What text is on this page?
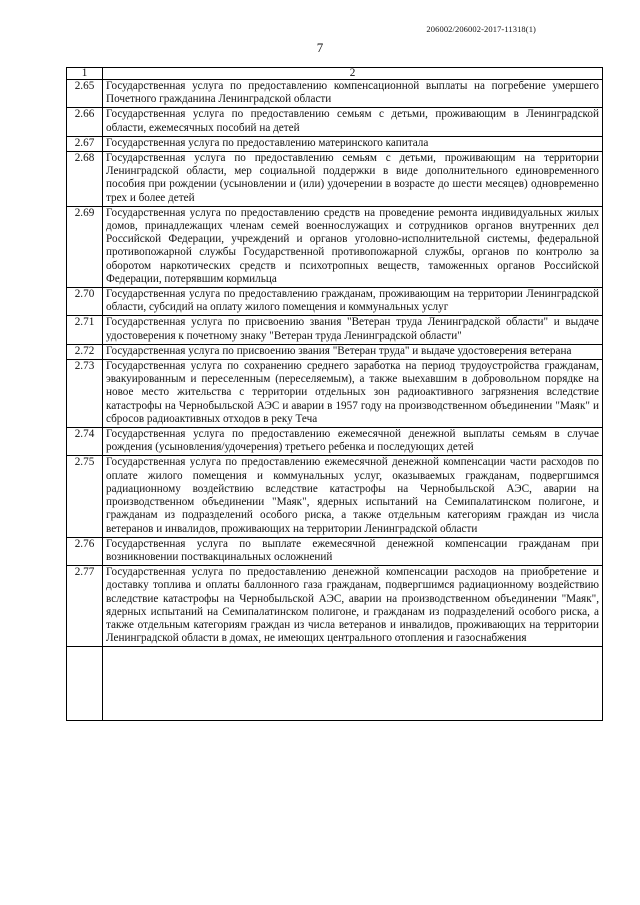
206002/206002-2017-11318(1)
7
1	2
2.65	Государственная услуга по предоставлению компенсационной выплаты на погребение умершего Почетного гражданина Ленинградской области
2.66	Государственная услуга по предоставлению семьям с детьми, проживающим в Ленинградской области, ежемесячных пособий на детей
2.67	Государственная услуга по предоставлению материнского капитала
2.68	Государственная услуга по предоставлению семьям с детьми, проживающим на территории Ленинградской области, мер социальной поддержки в виде дополнительного единовременного пособия при рождении (усыновлении и (или) удочерении в возрасте до шести месяцев) одновременно трех и более детей
2.69	Государственная услуга по предоставлению средств на проведение ремонта индивидуальных жилых домов, принадлежащих членам семей военнослужащих и сотрудников органов внутренних дел Российской Федерации, учреждений и органов уголовно-исполнительной системы, федеральной противопожарной службы Государственной противопожарной службы, органов по контролю за оборотом наркотических средств и психотропных веществ, таможенных органов Российской Федерации, потерявшим кормильца
2.70	Государственная услуга по предоставлению гражданам, проживающим на территории Ленинградской области, субсидий на оплату жилого помещения и коммунальных услуг
2.71	Государственная услуга по присвоению звания "Ветеран труда Ленинградской области" и выдаче удостоверения к почетному знаку "Ветеран труда Ленинградской области"
2.72	Государственная услуга по присвоению звания "Ветеран труда" и выдаче удостоверения ветерана
2.73	Государственная услуга по сохранению среднего заработка на период трудоустройства гражданам, эвакуированным и переселенным (переселяемым), а также выехавшим в добровольном порядке на новое место жительства с территории отдельных зон радиоактивного загрязнения вследствие катастрофы на Чернобыльской АЭС и аварии в 1957 году на производственном объединении "Маяк" и сбросов радиоактивных отходов в реку Теча
2.74	Государственная услуга по предоставлению ежемесячной денежной выплаты семьям в случае рождения (усыновления/удочерения) третьего ребенка и последующих детей
2.75	Государственная услуга по предоставлению ежемесячной денежной компенсации части расходов по оплате жилого помещения и коммунальных услуг, оказываемых гражданам, подвергшимся радиационному воздействию вследствие катастрофы на Чернобыльской АЭС, аварии на производственном объединении "Маяк", ядерных испытаний на Семипалатинском полигоне, и гражданам из подразделений особого риска, а также отдельным категориям граждан из числа ветеранов и инвалидов, проживающих на территории Ленинградской области
2.76	Государственная услуга по выплате ежемесячной денежной компенсации гражданам при возникновении поствакцинальных осложнений
2.77	Государственная услуга по предоставлению денежной компенсации расходов на приобретение и доставку топлива и оплаты баллонного газа гражданам, подвергшимся радиационному воздействию вследствие катастрофы на Чернобыльской АЭС, аварии на производственном объединении "Маяк", ядерных испытаний на Семипалатинском полигоне, и гражданам из подразделений особого риска, а также отдельным категориям граждан из числа ветеранов и инвалидов, проживающих на территории Ленинградской области в домах, не имеющих центрального отопления и газоснабжения
